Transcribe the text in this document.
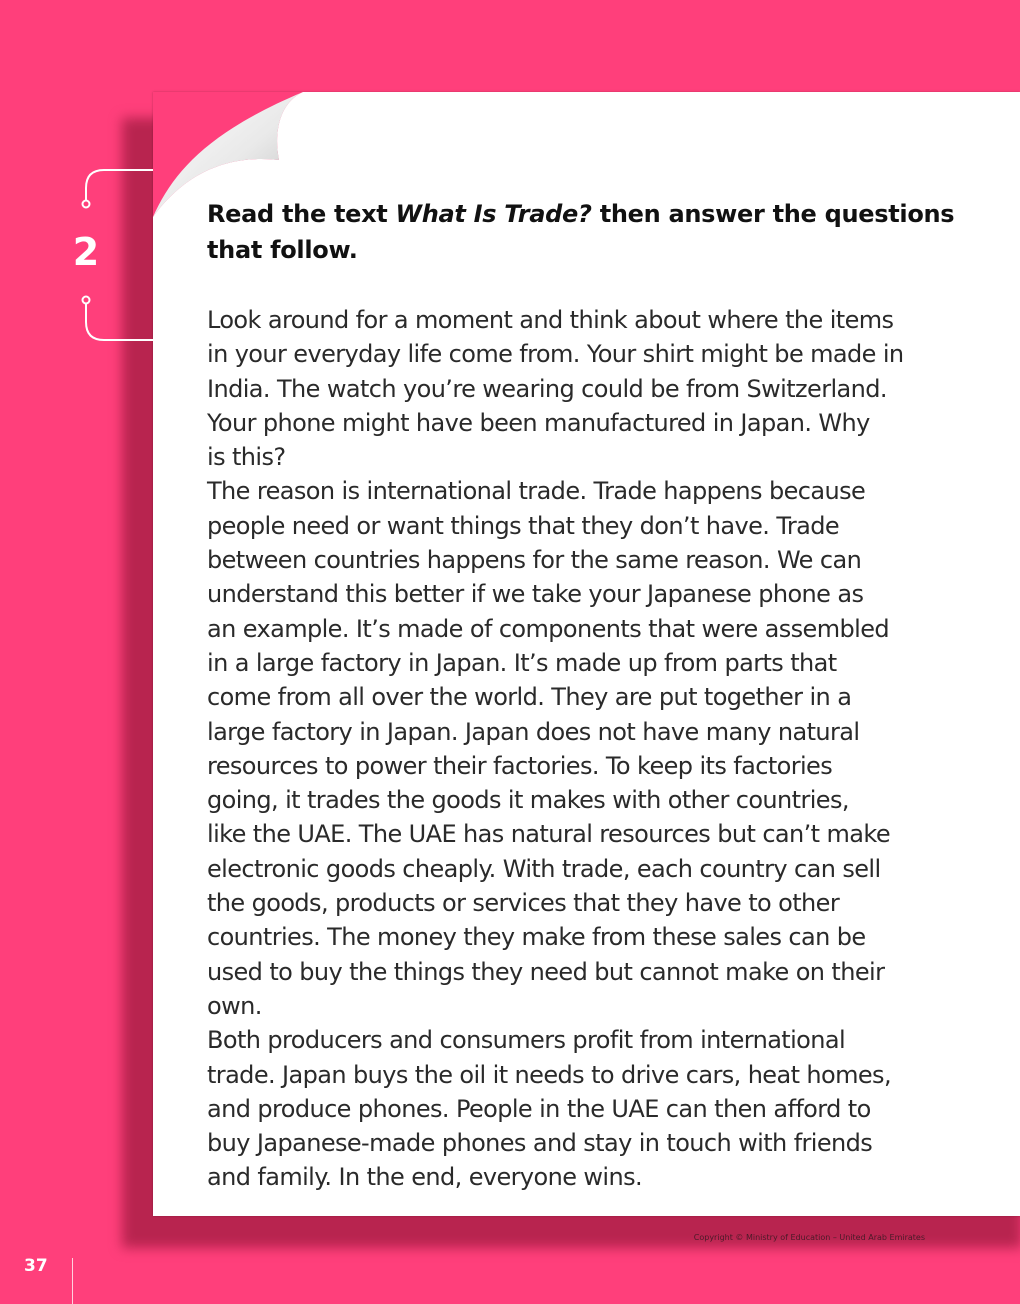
2
Read the text What Is Trade? then answer the questions that follow.

Look around for a moment and think about where the items
in your everyday life come from. Your shirt might be made in
India. The watch you’re wearing could be from Switzerland.
Your phone might have been manufactured in Japan. Why
is this?

The reason is international trade. Trade happens because
people need or want things that they don’t have. Trade
between countries happens for the same reason. We can
understand this better if we take your Japanese phone as
an example. It’s made of components that were assembled
in a large factory in Japan. It’s made up from parts that
come from all over the world. They are put together in a
large factory in Japan. Japan does not have many natural
resources to power their factories. To keep its factories
going, it trades the goods it makes with other countries,
like the UAE. The UAE has natural resources but can’t make
electronic goods cheaply. With trade, each country can sell
the goods, products or services that they have to other
countries. The money they make from these sales can be
used to buy the things they need but cannot make on their
own.

Both producers and consumers profit from international
trade. Japan buys the oil it needs to drive cars, heat homes,
and produce phones. People in the UAE can then afford to
buy Japanese-made phones and stay in touch with friends
and family. In the end, everyone wins.

Copyright © Ministry of Education – United Arab Emirates
37
